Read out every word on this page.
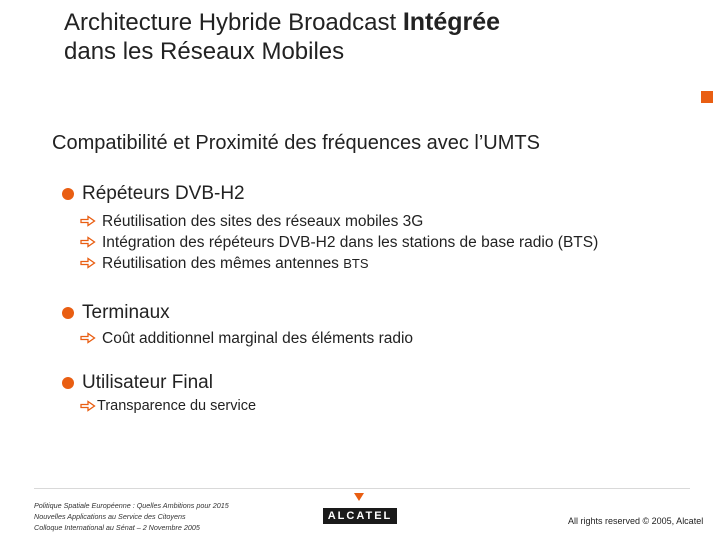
Architecture Hybride Broadcast Intégrée
dans les Réseaux Mobiles
Compatibilité et Proximité des fréquences avec l’UMTS
Répéteurs DVB-H2
Réutilisation des sites des réseaux mobiles 3G
Intégration des répéteurs DVB-H2 dans les stations de base radio (BTS)
Réutilisation des mêmes antennes BTS
Terminaux
Coût additionnel marginal des éléments radio
Utilisateur Final
Transparence du service
Politique Spatiale Européenne : Quelles Ambitions pour 2015
Nouvelles Applications au Service des Citoyens
Colloque International au Sénat – 2 Novembre 2005
ALCATEL	All rights reserved © 2005, Alcatel
